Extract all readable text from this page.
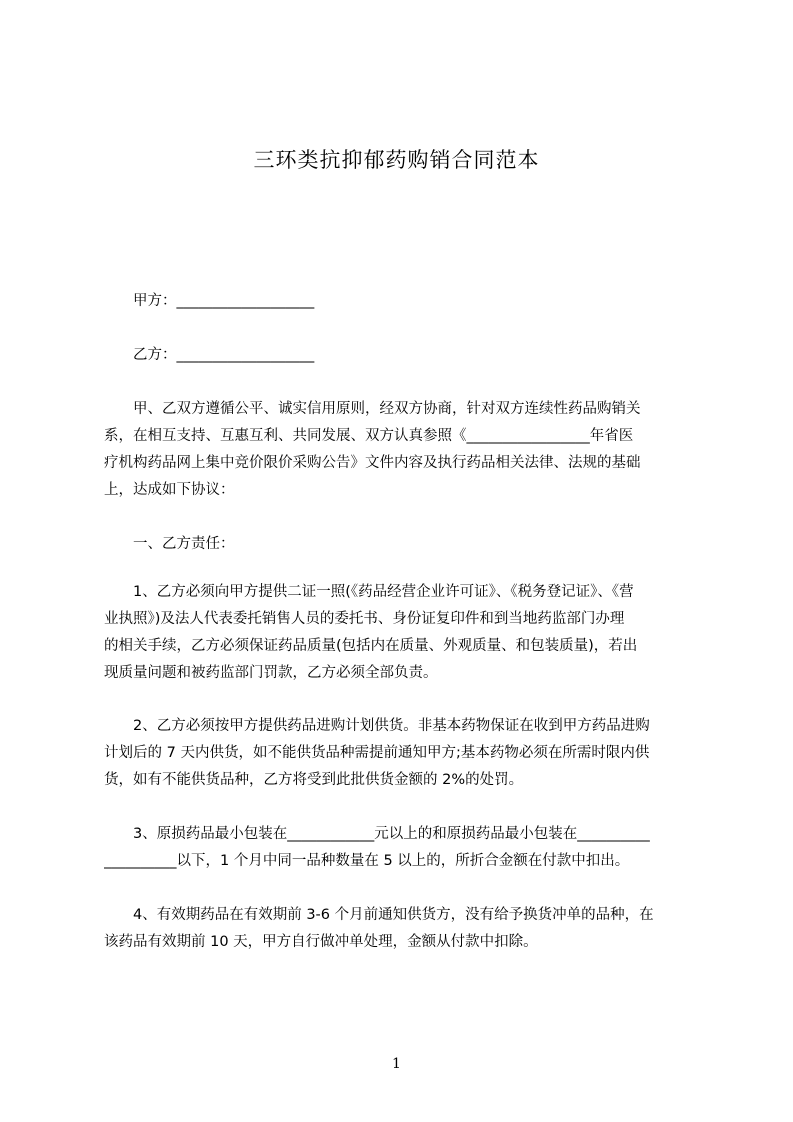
三环类抗抑郁药购销合同范本
　　甲方：___________________
　　乙方：___________________
　　甲、乙双方遵循公平、诚实信用原则，经双方协商，针对双方连续性药品购销关
系，在相互支持、互惠互利、共同发展、双方认真参照《_________________年省医
疗机构药品网上集中竞价限价采购公告》文件内容及执行药品相关法律、法规的基础
上，达成如下协议：
　　一、乙方责任：
　　1、乙方必须向甲方提供二证一照(《药品经营企业许可证》、《税务登记证》、《营
业执照》)及法人代表委托销售人员的委托书、身份证复印件和到当地药监部门办理
的相关手续，乙方必须保证药品质量(包括内在质量、外观质量、和包装质量)，若出
现质量问题和被药监部门罚款，乙方必须全部负责。
　　2、乙方必须按甲方提供药品进购计划供货。非基本药物保证在收到甲方药品进购
计划后的 7 天内供货，如不能供货品种需提前通知甲方;基本药物必须在所需时限内供
货，如有不能供货品种，乙方将受到此批供货金额的 2%的处罚。
　　3、原损药品最小包装在____________元以上的和原损药品最小包装在__________
__________以下，1 个月中同一品种数量在 5 以上的，所折合金额在付款中扣出。
　　4、有效期药品在有效期前 3-6 个月前通知供货方，没有给予换货冲单的品种，在
该药品有效期前 10 天，甲方自行做冲单处理，金额从付款中扣除。
1
